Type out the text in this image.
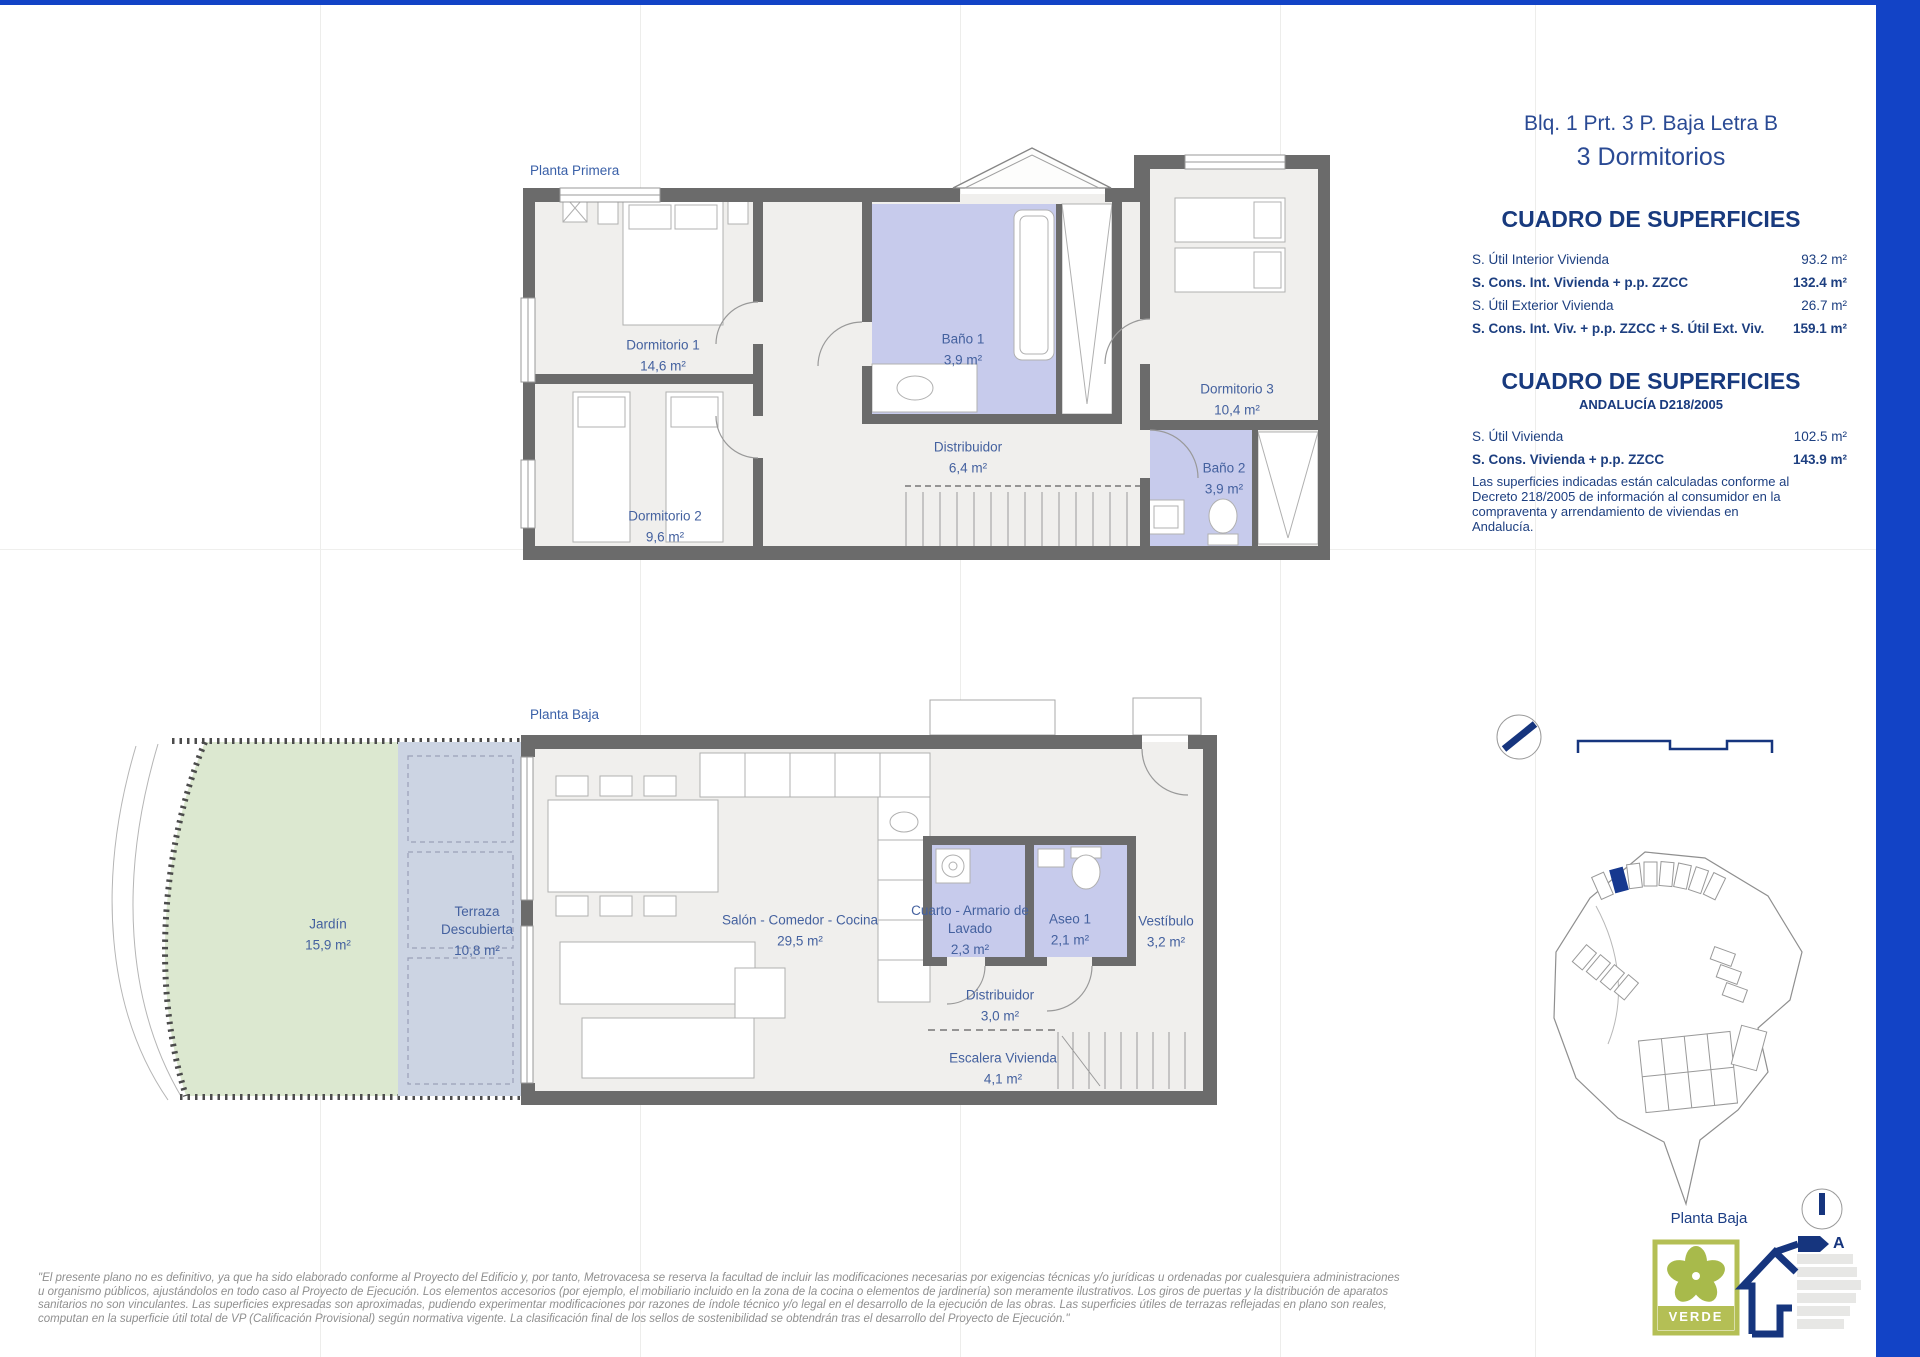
Planta Primera
Planta Baja
Dormitorio 1
14,6 m²
Dormitorio 2
9,6 m²
Baño 1
3,9 m²
Distribuidor
6,4 m²
Dormitorio 3
10,4 m²
Baño 2
3,9 m²
Jardín
15,9 m²
Terraza Descubierta
10,8 m²
Salón - Comedor - Cocina
29,5 m²
Cuarto - Armario de Lavado
2,3 m²
Aseo 1
2,1 m²
Vestíbulo
3,2 m²
Distribuidor
3,0 m²
Escalera Vivienda
4,1 m²
Blq. 1 Prt. 3 P. Baja Letra B
3 Dormitorios
CUADRO DE SUPERFICIES
S. Útil Interior Vivienda	93.2 m²
S. Cons. Int. Vivienda + p.p. ZZCC	132.4 m²
S. Útil Exterior Vivienda	26.7 m²
S. Cons. Int. Viv. + p.p. ZZCC + S. Útil Ext. Viv. 159.1 m²
CUADRO DE SUPERFICIES
ANDALUCÍA D218/2005
S. Útil Vivienda	102.5 m²
S. Cons. Vivienda + p.p. ZZCC	143.9 m²
Las superficies indicadas están calculadas conforme al Decreto 218/2005 de información al consumidor en la compraventa y arrendamiento de viviendas en Andalucía.
Planta Baja
VERDE
A
"El presente plano no es definitivo, ya que ha sido elaborado conforme al Proyecto del Edificio y, por tanto, Metrovacesa se reserva la facultad de incluir las modificaciones necesarias por exigencias técnicas y/o jurídicas u ordenadas por cualesquiera administraciones u organismo públicos, ajustándolos en todo caso al Proyecto de Ejecución. Los elementos accesorios (por ejemplo, el mobiliario incluido en la zona de la cocina o elementos de jardinería) son meramente ilustrativos. Los giros de puertas y la distribución de aparatos sanitarios no son vinculantes. Las superficies expresadas son aproximadas, pudiendo experimentar modificaciones por razones de índole técnico y/o legal en el desarrollo de la ejecución de las obras. Las superficies útiles de terrazas reflejadas en plano son reales, computan en la superficie útil total de VP (Calificación Provisional) según normativa vigente. La clasificación final de los sellos de sostenibilidad se obtendrán tras el desarrollo del Proyecto de Ejecución."
